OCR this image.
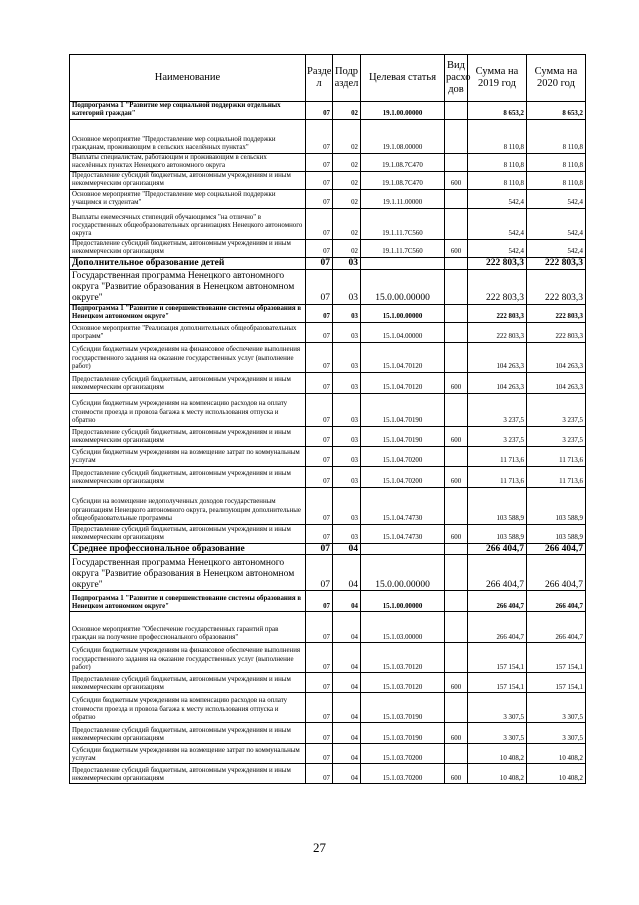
Наименование	Разде л	Подр аздел	Целевая статья	Вид расхо дов	Сумма на 2019 год	Сумма на 2020 год
Подпрограмма 1 "Развитие мер социальной поддержки отдельных категорий граждан"	07	02	19.1.00.00000		8 653,2	8 653,2
Основное мероприятие "Предоставление мер социальной поддержки гражданам, проживающим в сельских населённых пунктах"	07	02	19.1.08.00000		8 110,8	8 110,8
Выплаты специалистам, работающим и проживающим в сельских населённых пунктах Ненецкого автономного округа	07	02	19.1.08.7С470		8 110,8	8 110,8
Предоставление субсидий бюджетным, автономным учреждениям и иным некоммерческим организациям	07	02	19.1.08.7С470	600	8 110,8	8 110,8
Основное мероприятие "Предоставление мер социальной поддержки учащимся и студентам"	07	02	19.1.11.00000		542,4	542,4
Выплаты ежемесячных стипендий обучающимся "на отлично" в государственных общеобразовательных организациях Ненецкого автономного округа	07	02	19.1.11.7С560		542,4	542,4
Предоставление субсидий бюджетным, автономным учреждениям и иным некоммерческим организациям	07	02	19.1.11.7С560	600	542,4	542,4
Дополнительное образование детей	07	03			222 803,3	222 803,3
Государственная программа Ненецкого автономного округа "Развитие образования в Ненецком автономном округе"	07	03	15.0.00.00000		222 803,3	222 803,3
Подпрограмма 1 "Развитие и совершенствование системы образования в Ненецком автономном округе"	07	03	15.1.00.00000		222 803,3	222 803,3
Основное мероприятие "Реализация дополнительных общеобразовательных программ"	07	03	15.1.04.00000		222 803,3	222 803,3
Субсидии бюджетным учреждениям на финансовое обеспечение выполнения государственного задания на оказание государственных услуг (выполнение работ)	07	03	15.1.04.70120		104 263,3	104 263,3
Предоставление субсидий бюджетным, автономным учреждениям и иным некоммерческим организациям	07	03	15.1.04.70120	600	104 263,3	104 263,3
Субсидии бюджетным учреждениям на компенсацию расходов на оплату стоимости проезда и провоза багажа к месту использования отпуска и обратно	07	03	15.1.04.70190		3 237,5	3 237,5
Предоставление субсидий бюджетным, автономным учреждениям и иным некоммерческим организациям	07	03	15.1.04.70190	600	3 237,5	3 237,5
Субсидии бюджетным учреждениям на возмещение затрат по коммунальным услугам	07	03	15.1.04.70200		11 713,6	11 713,6
Предоставление субсидий бюджетным, автономным учреждениям и иным некоммерческим организациям	07	03	15.1.04.70200	600	11 713,6	11 713,6
Субсидии на возмещение недополученных доходов государственным организациям Ненецкого автономного округа, реализующим дополнительные общеобразовательные программы	07	03	15.1.04.74730		103 588,9	103 588,9
Предоставление субсидий бюджетным, автономным учреждениям и иным некоммерческим организациям	07	03	15.1.04.74730	600	103 588,9	103 588,9
Среднее профессиональное образование	07	04			266 404,7	266 404,7
Государственная программа Ненецкого автономного округа "Развитие образования в Ненецком автономном округе"	07	04	15.0.00.00000		266 404,7	266 404,7
Подпрограмма 1 "Развитие и совершенствование системы образования в Ненецком автономном округе"	07	04	15.1.00.00000		266 404,7	266 404,7
Основное мероприятие "Обеспечение государственных гарантий прав граждан на получение профессионального образования"	07	04	15.1.03.00000		266 404,7	266 404,7
Субсидии бюджетным учреждениям на финансовое обеспечение выполнения государственного задания на оказание государственных услуг (выполнение работ)	07	04	15.1.03.70120		157 154,1	157 154,1
Предоставление субсидий бюджетным, автономным учреждениям и иным некоммерческим организациям	07	04	15.1.03.70120	600	157 154,1	157 154,1
Субсидии бюджетным учреждениям на компенсацию расходов на оплату стоимости проезда и провоза багажа к месту использования отпуска и обратно	07	04	15.1.03.70190		3 307,5	3 307,5
Предоставление субсидий бюджетным, автономным учреждениям и иным некоммерческим организациям	07	04	15.1.03.70190	600	3 307,5	3 307,5
Субсидии бюджетным учреждениям на возмещение затрат по коммунальным услугам	07	04	15.1.03.70200		10 408,2	10 408,2
Предоставление субсидий бюджетным, автономным учреждениям и иным некоммерческим организациям	07	04	15.1.03.70200	600	10 408,2	10 408,2
27
